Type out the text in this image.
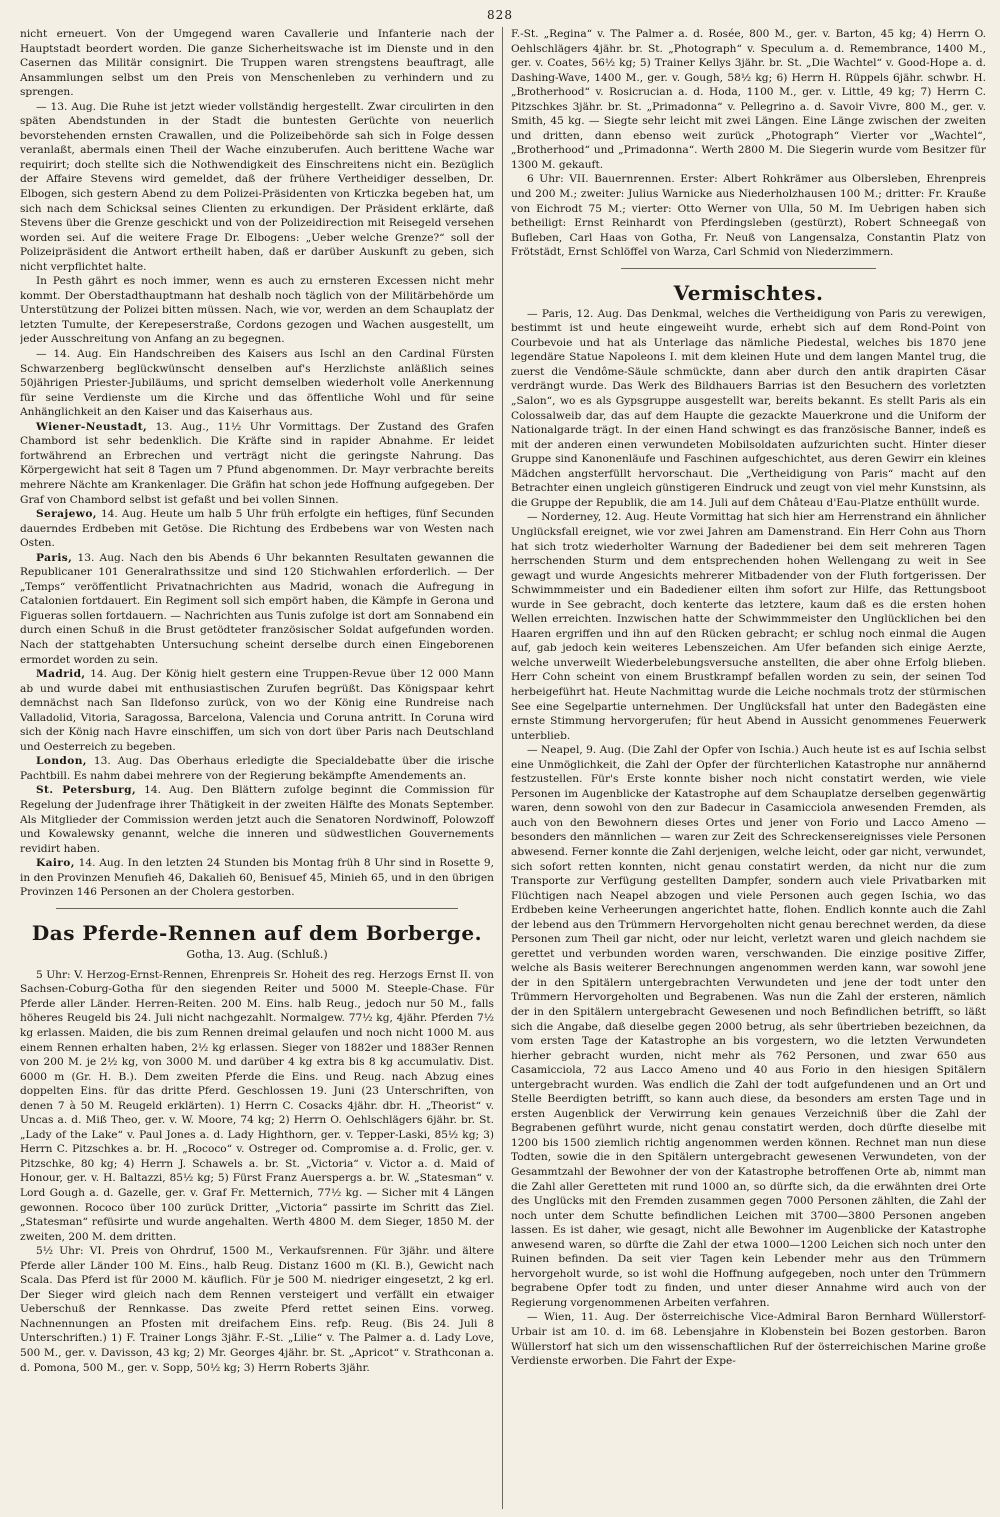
828

nicht erneuert. Von der Umgegend waren Cavallerie und Infanterie nach der Hauptstadt beordert worden. Die ganze Sicherheitswache ist im Dienste und in den Casernen das Militär consignirt. Die Truppen waren strengstens beauftragt, alle Ansammlungen selbst um den Preis von Menschenleben zu verhindern und zu sprengen.

— 13. Aug. Die Ruhe ist jetzt wieder vollständig hergestellt. Zwar circulirten in den späten Abendstunden in der Stadt die buntesten Gerüchte von neuerlich bevorstehenden ernsten Crawallen, und die Polizeibehörde sah sich in Folge dessen veranlaßt, abermals einen Theil der Wache einzuberufen. Auch berittene Wache war requirirt; doch stellte sich die Nothwendigkeit des Einschreitens nicht ein. Bezüglich der Affaire Stevens wird gemeldet, daß der frühere Vertheidiger desselben, Dr. Elbogen, sich gestern Abend zu dem Polizei-Präsidenten von Krticzka begeben hat, um sich nach dem Schicksal seines Clienten zu erkundigen. Der Präsident erklärte, daß Stevens über die Grenze geschickt und von der Polizeidirection mit Reisegeld versehen worden sei. Auf die weitere Frage Dr. Elbogens: „Ueber welche Grenze?“ soll der Polizeipräsident die Antwort ertheilt haben, daß er darüber Auskunft zu geben, sich nicht verpflichtet halte.

In Pesth gährt es noch immer, wenn es auch zu ernsteren Excessen nicht mehr kommt. Der Oberstadthauptmann hat deshalb noch täglich von der Militärbehörde um Unterstützung der Polizei bitten müssen. Nach, wie vor, werden an dem Schauplatz der letzten Tumulte, der Kerepeserstraße, Cordons gezogen und Wachen ausgestellt, um jeder Ausschreitung von Anfang an zu begegnen.

— 14. Aug. Ein Handschreiben des Kaisers aus Ischl an den Cardinal Fürsten Schwarzenberg beglückwünscht denselben auf's Herzlichste anläßlich seines 50jährigen Priester-Jubiläums, und spricht demselben wiederholt volle Anerkennung für seine Verdienste um die Kirche und das öffentliche Wohl und für seine Anhänglichkeit an den Kaiser und das Kaiserhaus aus.

Wiener-Neustadt, 13. Aug., 11½ Uhr Vormittags. Der Zustand des Grafen Chambord ist sehr bedenklich. Die Kräfte sind in rapider Abnahme. Er leidet fortwährend an Erbrechen und verträgt nicht die geringste Nahrung. Das Körpergewicht hat seit 8 Tagen um 7 Pfund abgenommen. Dr. Mayr verbrachte bereits mehrere Nächte am Krankenlager. Die Gräfin hat schon jede Hoffnung aufgegeben. Der Graf von Chambord selbst ist gefaßt und bei vollen Sinnen.

Serajewo, 14. Aug. Heute um halb 5 Uhr früh erfolgte ein heftiges, fünf Secunden dauerndes Erdbeben mit Getöse. Die Richtung des Erdbebens war von Westen nach Osten.

Paris, 13. Aug. Nach den bis Abends 6 Uhr bekannten Resultaten gewannen die Republicaner 101 Generalrathssitze und sind 120 Stichwahlen erforderlich. — Der „Temps“ veröffentlicht Privatnachrichten aus Madrid, wonach die Aufregung in Catalonien fortdauert. Ein Regiment soll sich empört haben, die Kämpfe in Gerona und Figueras sollen fortdauern. — Nachrichten aus Tunis zufolge ist dort am Sonnabend ein durch einen Schuß in die Brust getödteter französischer Soldat aufgefunden worden. Nach der stattgehabten Untersuchung scheint derselbe durch einen Eingeborenen ermordet worden zu sein.

Madrid, 14. Aug. Der König hielt gestern eine Truppen-Revue über 12 000 Mann ab und wurde dabei mit enthusiastischen Zurufen begrüßt. Das Königspaar kehrt demnächst nach San Ildefonso zurück, von wo der König eine Rundreise nach Valladolid, Vitoria, Saragossa, Barcelona, Valencia und Coruna antritt. In Coruna wird sich der König nach Havre einschiffen, um sich von dort über Paris nach Deutschland und Oesterreich zu begeben.

London, 13. Aug. Das Oberhaus erledigte die Specialdebatte über die irische Pachtbill. Es nahm dabei mehrere von der Regierung bekämpfte Amendements an.

St. Petersburg, 14. Aug. Den Blättern zufolge beginnt die Commission für Regelung der Judenfrage ihrer Thätigkeit in der zweiten Hälfte des Monats September. Als Mitglieder der Commission werden jetzt auch die Senatoren Nordwinoff, Polowzoff und Kowalewsky genannt, welche die inneren und südwestlichen Gouvernements revidirt haben.

Kairo, 14. Aug. In den letzten 24 Stunden bis Montag früh 8 Uhr sind in Rosette 9, in den Provinzen Menufieh 46, Dakalieh 60, Benisuef 45, Minieh 65, und in den übrigen Provinzen 146 Personen an der Cholera gestorben.

Das Pferde-Rennen auf dem Borberge.
Gotha, 13. Aug. (Schluß.)

5 Uhr: V. Herzog-Ernst-Rennen, Ehrenpreis Sr. Hoheit des reg. Herzogs Ernst II. von Sachsen-Coburg-Gotha für den siegenden Reiter und 5000 M. Steeple-Chase. Für Pferde aller Länder. Herren-Reiten. 200 M. Eins. halb Reug., jedoch nur 50 M., falls höheres Reugeld bis 24. Juli nicht nachgezahlt. Normalgew. 77½ kg, 4jähr. Pferden 7½ kg erlassen. Maiden, die bis zum Rennen dreimal gelaufen und noch nicht 1000 M. aus einem Rennen erhalten haben, 2½ kg erlassen. Sieger von 1882er und 1883er Rennen von 200 M. je 2½ kg, von 3000 M. und darüber 4 kg extra bis 8 kg accumulativ. Dist. 6000 m (Gr. H. B.). Dem zweiten Pferde die Eins. und Reug. nach Abzug eines doppelten Eins. für das dritte Pferd. Geschlossen 19. Juni (23 Unterschriften, von denen 7 à 50 M. Reugeld erklärten). 1) Herrn C. Cosacks 4jähr. dbr. H. „Theorist“ v. Uncas a. d. Miß Theo, ger. v. W. Moore, 74 kg; 2) Herrn O. Oehlschlägers 6jähr. br. St. „Lady of the Lake“ v. Paul Jones a. d. Lady Highthorn, ger. v. Tepper-Laski, 85½ kg; 3) Herrn C. Pitzschkes a. br. H. „Rococo“ v. Ostreger od. Compromise a. d. Frolic, ger. v. Pitzschke, 80 kg; 4) Herrn J. Schawels a. br. St. „Victoria“ v. Victor a. d. Maid of Honour, ger. v. H. Baltazzi, 85½ kg; 5) Fürst Franz Auerspergs a. br. W. „Statesman“ v. Lord Gough a. d. Gazelle, ger. v. Graf Fr. Metternich, 77½ kg. — Sicher mit 4 Längen gewonnen. Rococo über 100 zurück Dritter, „Victoria“ passirte im Schritt das Ziel. „Statesman“ refüsirte und wurde angehalten. Werth 4800 M. dem Sieger, 1850 M. der zweiten, 200 M. dem dritten.

5½ Uhr: VI. Preis von Ohrdruf, 1500 M., Verkaufsrennen. Für 3jähr. und ältere Pferde aller Länder 100 M. Eins., halb Reug. Distanz 1600 m (Kl. B.), Gewicht nach Scala. Das Pferd ist für 2000 M. käuflich. Für je 500 M. niedriger eingesetzt, 2 kg erl. Der Sieger wird gleich nach dem Rennen versteigert und verfällt ein etwaiger Ueberschuß der Rennkasse. Das zweite Pferd rettet seinen Eins. vorweg. Nachnennungen an Pfosten mit dreifachem Eins. refp. Reug. (Bis 24. Juli 8 Unterschriften.) 1) F. Trainer Longs 3jähr. F.-St. „Lilie“ v. The Palmer a. d. Lady Love, 500 M., ger. v. Davisson, 43 kg; 2) Mr. Georges 4jähr. br. St. „Apricot“ v. Strathconan a. d. Pomona, 500 M., ger. v. Sopp, 50½ kg; 3) Herrn Roberts 3jähr.

F.-St. „Regina“ v. The Palmer a. d. Rosée, 800 M., ger. v. Barton, 45 kg; 4) Herrn O. Oehlschlägers 4jähr. br. St. „Photograph“ v. Speculum a. d. Remembrance, 1400 M., ger. v. Coates, 56½ kg; 5) Trainer Kellys 3jähr. br. St. „Die Wachtel“ v. Good-Hope a. d. Dashing-Wave, 1400 M., ger. v. Gough, 58½ kg; 6) Herrn H. Rüppels 6jähr. schwbr. H. „Brotherhood“ v. Rosicrucian a. d. Hoda, 1100 M., ger. v. Little, 49 kg; 7) Herrn C. Pitzschkes 3jähr. br. St. „Primadonna“ v. Pellegrino a. d. Savoir Vivre, 800 M., ger. v. Smith, 45 kg. — Siegte sehr leicht mit zwei Längen. Eine Länge zwischen der zweiten und dritten, dann ebenso weit zurück „Photograph“ Vierter vor „Wachtel“, „Brotherhood“ und „Primadonna“. Werth 2800 M. Die Siegerin wurde vom Besitzer für 1300 M. gekauft.

6 Uhr: VII. Bauernrennen. Erster: Albert Rohkrämer aus Olbersleben, Ehrenpreis und 200 M.; zweiter: Julius Warnicke aus Niederholzhausen 100 M.; dritter: Fr. Krauße von Eichrodt 75 M.; vierter: Otto Werner von Ulla, 50 M. Im Uebrigen haben sich betheiligt: Ernst Reinhardt von Pferdingsleben (gestürzt), Robert Schneegaß von Bufleben, Carl Haas von Gotha, Fr. Neuß von Langensalza, Constantin Platz von Frötstädt, Ernst Schlöffel von Warza, Carl Schmid von Niederzimmern.

Vermischtes.

— Paris, 12. Aug. Das Denkmal, welches die Vertheidigung von Paris zu verewigen, bestimmt ist und heute eingeweiht wurde, erhebt sich auf dem Rond-Point von Courbevoie und hat als Unterlage das nämliche Piedestal, welches bis 1870 jene legendäre Statue Napoleons I. mit dem kleinen Hute und dem langen Mantel trug, die zuerst die Vendôme-Säule schmückte, dann aber durch den antik drapirten Cäsar verdrängt wurde. Das Werk des Bildhauers Barrias ist den Besuchern des vorletzten „Salon“, wo es als Gypsgruppe ausgestellt war, bereits bekannt. Es stellt Paris als ein Colossalweib dar, das auf dem Haupte die gezackte Mauerkrone und die Uniform der Nationalgarde trägt. In der einen Hand schwingt es das französische Banner, indeß es mit der anderen einen verwundeten Mobilsoldaten aufzurichten sucht. Hinter dieser Gruppe sind Kanonenläufe und Faschinen aufgeschichtet, aus deren Gewirr ein kleines Mädchen angsterfüllt hervorschaut. Die „Vertheidigung von Paris“ macht auf den Betrachter einen ungleich günstigeren Eindruck und zeugt von viel mehr Kunstsinn, als die Gruppe der Republik, die am 14. Juli auf dem Château d'Eau-Platze enthüllt wurde.

— Norderney, 12. Aug. Heute Vormittag hat sich hier am Herrenstrand ein ähnlicher Unglücksfall ereignet, wie vor zwei Jahren am Damenstrand. Ein Herr Cohn aus Thorn hat sich trotz wiederholter Warnung der Badediener bei dem seit mehreren Tagen herrschenden Sturm und dem entsprechenden hohen Wellengang zu weit in See gewagt und wurde Angesichts mehrerer Mitbadender von der Fluth fortgerissen. Der Schwimmmeister und ein Badediener eilten ihm sofort zur Hilfe, das Rettungsboot wurde in See gebracht, doch kenterte das letztere, kaum daß es die ersten hohen Wellen erreichten. Inzwischen hatte der Schwimmmeister den Unglücklichen bei den Haaren ergriffen und ihn auf den Rücken gebracht; er schlug noch einmal die Augen auf, gab jedoch kein weiteres Lebenszeichen. Am Ufer befanden sich einige Aerzte, welche unverweilt Wiederbelebungsversuche anstellten, die aber ohne Erfolg blieben. Herr Cohn scheint von einem Brustkrampf befallen worden zu sein, der seinen Tod herbeigeführt hat. Heute Nachmittag wurde die Leiche nochmals trotz der stürmischen See eine Segelpartie unternehmen. Der Unglücksfall hat unter den Badegästen eine ernste Stimmung hervorgerufen; für heut Abend in Aussicht genommenes Feuerwerk unterblieb.

— Neapel, 9. Aug. (Die Zahl der Opfer von Ischia.) Auch heute ist es auf Ischia selbst eine Unmöglichkeit, die Zahl der Opfer der fürchterlichen Katastrophe nur annähernd festzustellen. Für's Erste konnte bisher noch nicht constatirt werden, wie viele Personen im Augenblicke der Katastrophe auf dem Schauplatze derselben gegenwärtig waren, denn sowohl von den zur Badecur in Casamicciola anwesenden Fremden, als auch von den Bewohnern dieses Ortes und jener von Forio und Lacco Ameno — besonders den männlichen — waren zur Zeit des Schreckensereignisses viele Personen abwesend. Ferner konnte die Zahl derjenigen, welche leicht, oder gar nicht, verwundet, sich sofort retten konnten, nicht genau constatirt werden, da nicht nur die zum Transporte zur Verfügung gestellten Dampfer, sondern auch viele Privatbarken mit Flüchtigen nach Neapel abzogen und viele Personen auch gegen Ischia, wo das Erdbeben keine Verheerungen angerichtet hatte, flohen. Endlich konnte auch die Zahl der lebend aus den Trümmern Hervorgeholten nicht genau berechnet werden, da diese Personen zum Theil gar nicht, oder nur leicht, verletzt waren und gleich nachdem sie gerettet und verbunden worden waren, verschwanden. Die einzige positive Ziffer, welche als Basis weiterer Berechnungen angenommen werden kann, war sowohl jene der in den Spitälern untergebrachten Verwundeten und jene der todt unter den Trümmern Hervorgeholten und Begrabenen. Was nun die Zahl der ersteren, nämlich der in den Spitälern untergebracht Gewesenen und noch Befindlichen betrifft, so läßt sich die Angabe, daß dieselbe gegen 2000 betrug, als sehr übertrieben bezeichnen, da vom ersten Tage der Katastrophe an bis vorgestern, wo die letzten Verwundeten hierher gebracht wurden, nicht mehr als 762 Personen, und zwar 650 aus Casamicciola, 72 aus Lacco Ameno und 40 aus Forio in den hiesigen Spitälern untergebracht wurden. Was endlich die Zahl der todt aufgefundenen und an Ort und Stelle Beerdigten betrifft, so kann auch diese, da besonders am ersten Tage und in ersten Augenblick der Verwirrung kein genaues Verzeichniß über die Zahl der Begrabenen geführt wurde, nicht genau constatirt werden, doch dürfte dieselbe mit 1200 bis 1500 ziemlich richtig angenommen werden können. Rechnet man nun diese Todten, sowie die in den Spitälern untergebracht gewesenen Verwundeten, von der Gesammtzahl der Bewohner der von der Katastrophe betroffenen Orte ab, nimmt man die Zahl aller Geretteten mit rund 1000 an, so dürfte sich, da die erwähnten drei Orte des Unglücks mit den Fremden zusammen gegen 7000 Personen zählten, die Zahl der noch unter dem Schutte befindlichen Leichen mit 3700—3800 Personen angeben lassen. Es ist daher, wie gesagt, nicht alle Bewohner im Augenblicke der Katastrophe anwesend waren, so dürfte die Zahl der etwa 1000—1200 Leichen sich noch unter den Ruinen befinden. Da seit vier Tagen kein Lebender mehr aus den Trümmern hervorgeholt wurde, so ist wohl die Hoffnung aufgegeben, noch unter den Trümmern begrabene Opfer todt zu finden, und unter dieser Annahme wird auch von der Regierung vorgenommenen Arbeiten verfahren.

— Wien, 11. Aug. Der österreichische Vice-Admiral Baron Bernhard Wüllerstorf-Urbair ist am 10. d. im 68. Lebensjahre in Klobenstein bei Bozen gestorben. Baron Wüllerstorf hat sich um den wissenschaftlichen Ruf der österreichischen Marine große Verdienste erworben. Die Fahrt der Expe-
